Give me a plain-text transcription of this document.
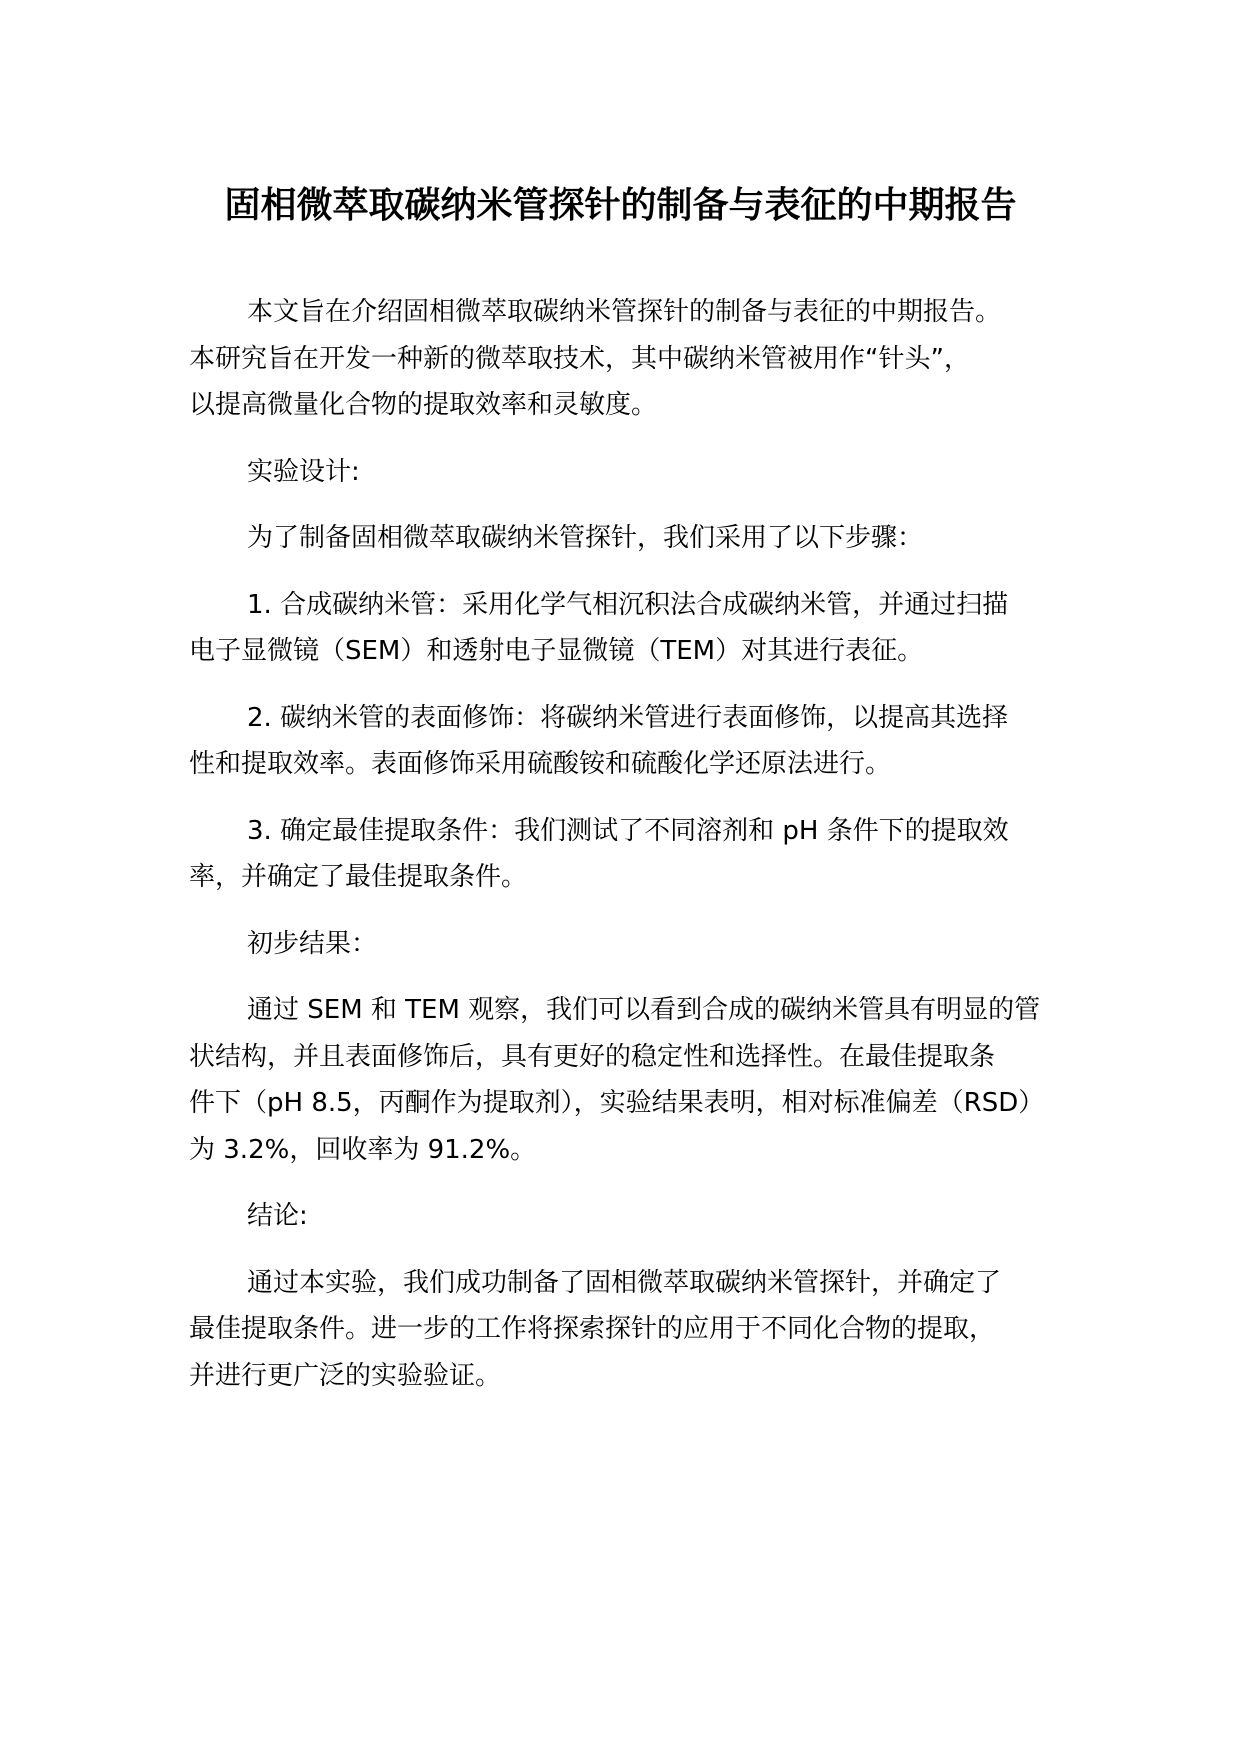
固相微萃取碳纳米管探针的制备与表征的中期报告
本文旨在介绍固相微萃取碳纳米管探针的制备与表征的中期报告。
本研究旨在开发一种新的微萃取技术，其中碳纳米管被用作“针头”，
以提高微量化合物的提取效率和灵敏度。
实验设计:
为了制备固相微萃取碳纳米管探针，我们采用了以下步骤：
1. 合成碳纳米管：采用化学气相沉积法合成碳纳米管，并通过扫描
电子显微镜（SEM）和透射电子显微镜（TEM）对其进行表征。
2. 碳纳米管的表面修饰：将碳纳米管进行表面修饰，以提高其选择
性和提取效率。表面修饰采用硫酸铵和硫酸化学还原法进行。
3. 确定最佳提取条件：我们测试了不同溶剂和 pH 条件下的提取效
率，并确定了最佳提取条件。
初步结果：
通过 SEM 和 TEM 观察，我们可以看到合成的碳纳米管具有明显的管
状结构，并且表面修饰后，具有更好的稳定性和选择性。在最佳提取条
件下（pH 8.5，丙酮作为提取剂），实验结果表明，相对标准偏差（RSD）
为 3.2%，回收率为 91.2%。
结论:
通过本实验，我们成功制备了固相微萃取碳纳米管探针，并确定了
最佳提取条件。进一步的工作将探索探针的应用于不同化合物的提取，
并进行更广泛的实验验证。
